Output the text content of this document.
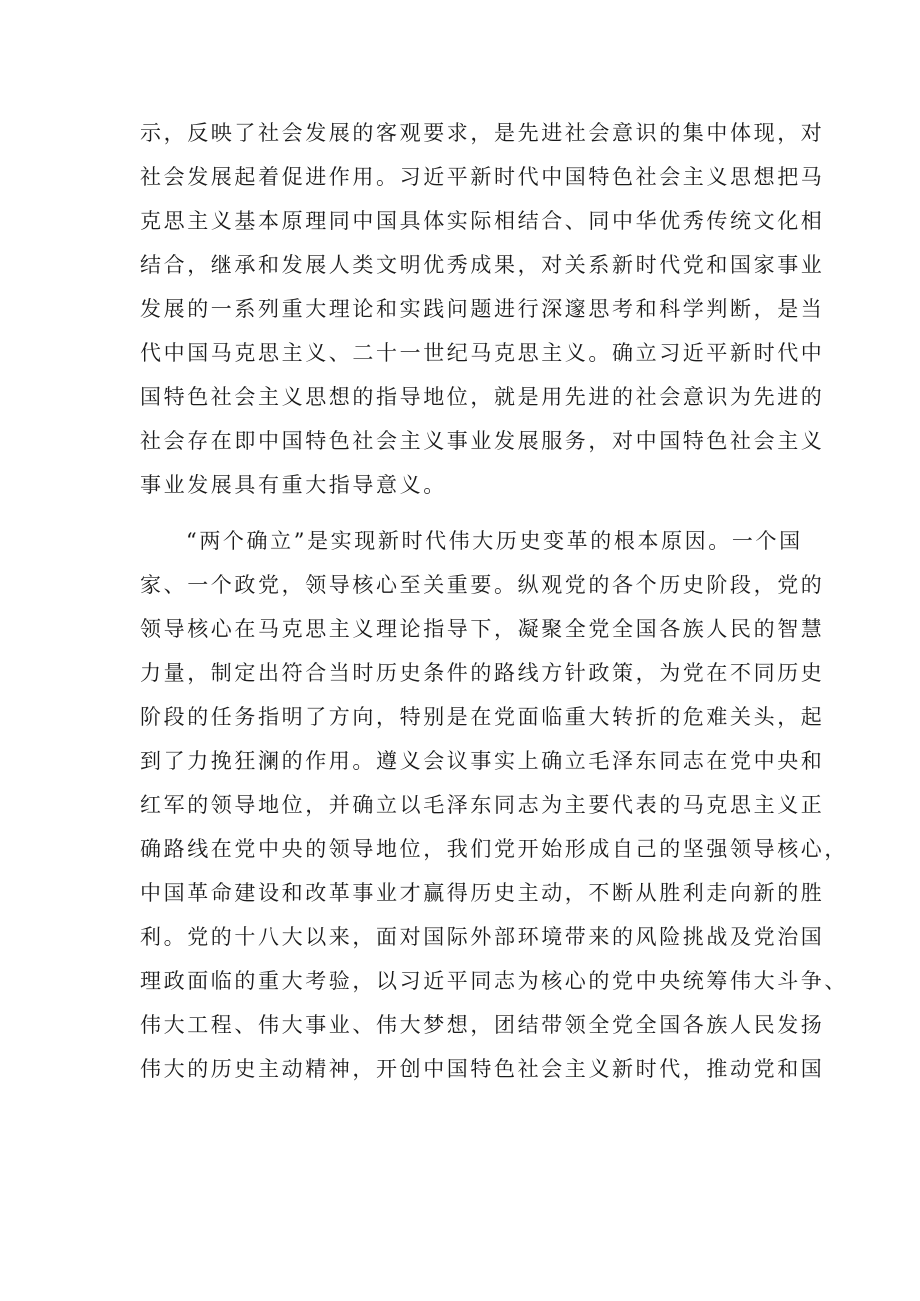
示，反映了社会发展的客观要求，是先进社会意识的集中体现，对

社会发展起着促进作用。习近平新时代中国特色社会主义思想把马

克思主义基本原理同中国具体实际相结合、同中华优秀传统文化相

结合，继承和发展人类文明优秀成果，对关系新时代党和国家事业

发展的一系列重大理论和实践问题进行深邃思考和科学判断，是当

代中国马克思主义、二十一世纪马克思主义。确立习近平新时代中

国特色社会主义思想的指导地位，就是用先进的社会意识为先进的

社会存在即中国特色社会主义事业发展服务，对中国特色社会主义

事业发展具有重大指导意义。

“两个确立”是实现新时代伟大历史变革的根本原因。一个国

家、一个政党，领导核心至关重要。纵观党的各个历史阶段，党的

领导核心在马克思主义理论指导下，凝聚全党全国各族人民的智慧

力量，制定出符合当时历史条件的路线方针政策，为党在不同历史

阶段的任务指明了方向，特别是在党面临重大转折的危难关头，起

到了力挽狂澜的作用。遵义会议事实上确立毛泽东同志在党中央和

红军的领导地位，并确立以毛泽东同志为主要代表的马克思主义正

确路线在党中央的领导地位，我们党开始形成自己的坚强领导核心，

中国革命建设和改革事业才赢得历史主动，不断从胜利走向新的胜

利。党的十八大以来，面对国际外部环境带来的风险挑战及党治国

理政面临的重大考验，以习近平同志为核心的党中央统筹伟大斗争、

伟大工程、伟大事业、伟大梦想，团结带领全党全国各族人民发扬

伟大的历史主动精神，开创中国特色社会主义新时代，推动党和国
